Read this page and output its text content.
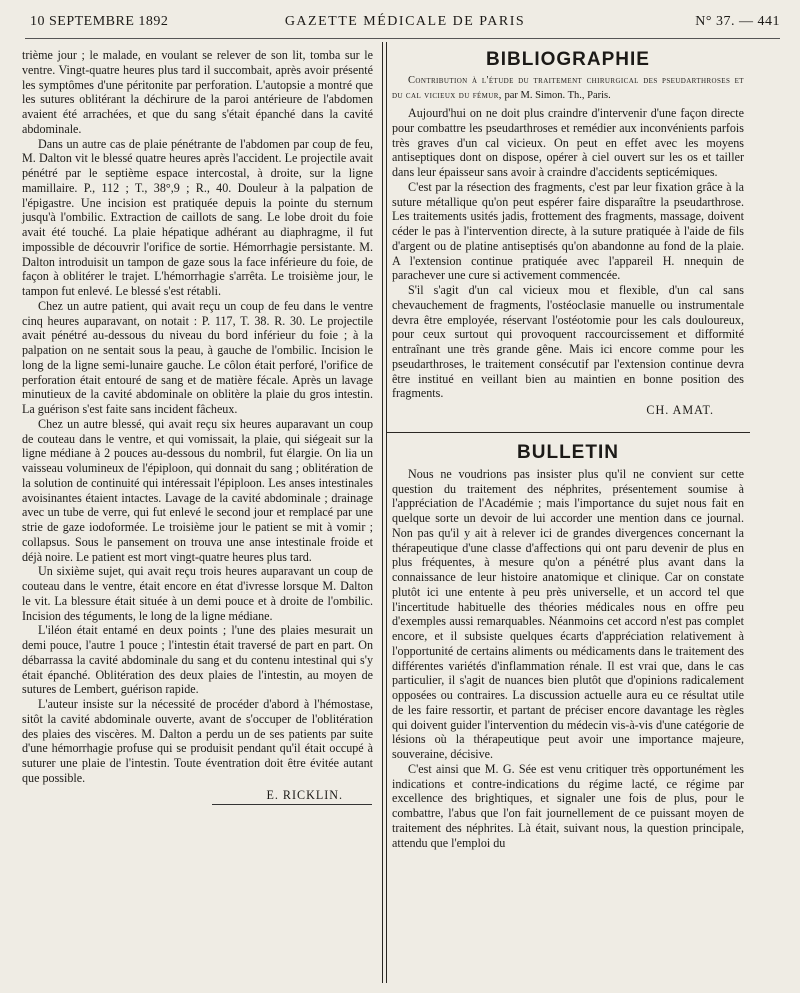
10 SEPTEMBRE 1892	GAZETTE MÉDICALE DE PARIS	N° 37. — 441

trième jour ; le malade, en voulant se relever de son lit, tomba sur le ventre. Vingt-quatre heures plus tard il succombait, après avoir présenté les symptômes d'une péritonite par perforation. L'autopsie a montré que les sutures oblitérant la déchirure de la paroi antérieure de l'abdomen avaient été arrachées, et que du sang s'était épanché dans la cavité abdominale.

Dans un autre cas de plaie pénétrante de l'abdomen par coup de feu, M. Dalton vit le blessé quatre heures après l'accident. Le projectile avait pénétré par le septième espace intercostal, à droite, sur la ligne mamillaire. P., 112 ; T., 38°,9 ; R., 40. Douleur à la palpation de l'épigastre. Une incision est pratiquée depuis la pointe du sternum jusqu'à l'ombilic. Extraction de caillots de sang. Le lobe droit du foie avait été touché. La plaie hépatique adhérant au diaphragme, il fut impossible de découvrir l'orifice de sortie. Hémorrhagie persistante. M. Dalton introduisit un tampon de gaze sous la face inférieure du foie, de façon à oblitérer le trajet. L'hémorrhagie s'arrêta. Le troisième jour, le tampon fut enlevé. Le blessé s'est rétabli.

Chez un autre patient, qui avait reçu un coup de feu dans le ventre cinq heures auparavant, on notait : P. 117, T. 38. R. 30. Le projectile avait pénétré au-dessous du niveau du bord inférieur du foie ; à la palpation on ne sentait sous la peau, à gauche de l'ombilic. Incision le long de la ligne semi-lunaire gauche. Le côlon était perforé, l'orifice de perforation était entouré de sang et de matière fécale. Après un lavage minutieux de la cavité abdominale on oblitère la plaie du gros intestin. La guérison s'est faite sans incident fâcheux.

Chez un autre blessé, qui avait reçu six heures auparavant un coup de couteau dans le ventre, et qui vomissait, la plaie, qui siégeait sur la ligne médiane à 2 pouces au-dessous du nombril, fut élargie. On lia un vaisseau volumineux de l'épiploon, qui donnait du sang ; oblitération de la solution de continuité qui intéressait l'épiploon. Les anses intestinales avoisinantes étaient intactes. Lavage de la cavité abdominale ; drainage avec un tube de verre, qui fut enlevé le second jour et remplacé par une strie de gaze iodoformée. Le troisième jour le patient se mit à vomir ; collapsus. Sous le pansement on trouva une anse intestinale froide et déjà noire. Le patient est mort vingt-quatre heures plus tard.

Un sixième sujet, qui avait reçu trois heures auparavant un coup de couteau dans le ventre, était encore en état d'ivresse lorsque M. Dalton le vit. La blessure était située à un demi pouce et à droite de l'ombilic. Incision des téguments, le long de la ligne médiane.

L'iléon était entamé en deux points ; l'une des plaies mesurait un demi pouce, l'autre 1 pouce ; l'intestin était traversé de part en part. On débarrassa la cavité abdominale du sang et du contenu intestinal qui s'y était épanché. Oblitération des deux plaies de l'intestin, au moyen de sutures de Lembert, guérison rapide.

L'auteur insiste sur la nécessité de procéder d'abord à l'hémostase, sitôt la cavité abdominale ouverte, avant de s'occuper de l'oblitération des plaies des viscères. M. Dalton a perdu un de ses patients par suite d'une hémorrhagie profuse qui se produisit pendant qu'il était occupé à suturer une plaie de l'intestin. Toute éventration doit être évitée autant que possible.

E. RICKLIN.
BIBLIOGRAPHIE

Contribution à l'étude du traitement chirurgical des pseudarthroses et du cal vicieux du fémur, par M. Simon. Th., Paris.

Aujourd'hui on ne doit plus craindre d'intervenir d'une façon directe pour combattre les pseudarthroses et remédier aux inconvénients parfois très graves d'un cal vicieux. On peut en effet avec les moyens antiseptiques dont on dispose, opérer à ciel ouvert sur les os et tailler dans leur épaisseur sans avoir à craindre d'accidents septicémiques.

C'est par la résection des fragments, c'est par leur fixation grâce à la suture métallique qu'on peut espérer faire disparaître la pseudarthrose. Les traitements usités jadis, frottement des fragments, massage, doivent céder le pas à l'intervention directe, à la suture pratiquée à l'aide de fils d'argent ou de platine antiseptisés qu'on abandonne au fond de la plaie. A l'extension continue pratiquée avec l'appareil H. nnequin de parachever une cure si activement commencée.

S'il s'agit d'un cal vicieux mou et flexible, d'un cal sans chevauchement de fragments, l'ostéoclasie manuelle ou instrumentale devra être employée, réservant l'ostéotomie pour les cals douloureux, pour ceux surtout qui provoquent raccourcissement et difformité entraînant une très grande gêne. Mais ici encore comme pour les pseudarthroses, le traitement consécutif par l'extension continue devra être institué en veillant bien au maintien en bonne position des fragments.

CH. AMAT.
BULLETIN

Nous ne voudrions pas insister plus qu'il ne convient sur cette question du traitement des néphrites, présentement soumise à l'appréciation de l'Académie ; mais l'importance du sujet nous fait en quelque sorte un devoir de lui accorder une mention dans ce journal. Non pas qu'il y ait à relever ici de grandes divergences concernant la thérapeutique d'une classe d'affections qui ont paru devenir de plus en plus fréquentes, à mesure qu'on a pénétré plus avant dans la connaissance de leur histoire anatomique et clinique. Car on constate plutôt ici une entente à peu près universelle, et un accord tel que l'incertitude habituelle des théories médicales nous en offre peu d'exemples aussi remarquables. Néanmoins cet accord n'est pas complet encore, et il subsiste quelques écarts d'appréciation relativement à l'opportunité de certains aliments ou médicaments dans le traitement des différentes variétés d'inflammation rénale. Il est vrai que, dans le cas particulier, il s'agit de nuances bien plutôt que d'opinions radicalement opposées ou contraires. La discussion actuelle aura eu ce résultat utile de les faire ressortir, et partant de préciser encore davantage les règles qui doivent guider l'intervention du médecin vis-à-vis d'une catégorie de lésions où la thérapeutique peut avoir une importance majeure, souveraine, décisive.

C'est ainsi que M. G. Sée est venu critiquer très opportunément les indications et contre-indications du régime lacté, ce régime par excellence des brightiques, et signaler une fois de plus, pour le combattre, l'abus que l'on fait journellement de ce puissant moyen de traitement des néphrites. Là était, suivant nous, la question principale, attendu que l'emploi du
